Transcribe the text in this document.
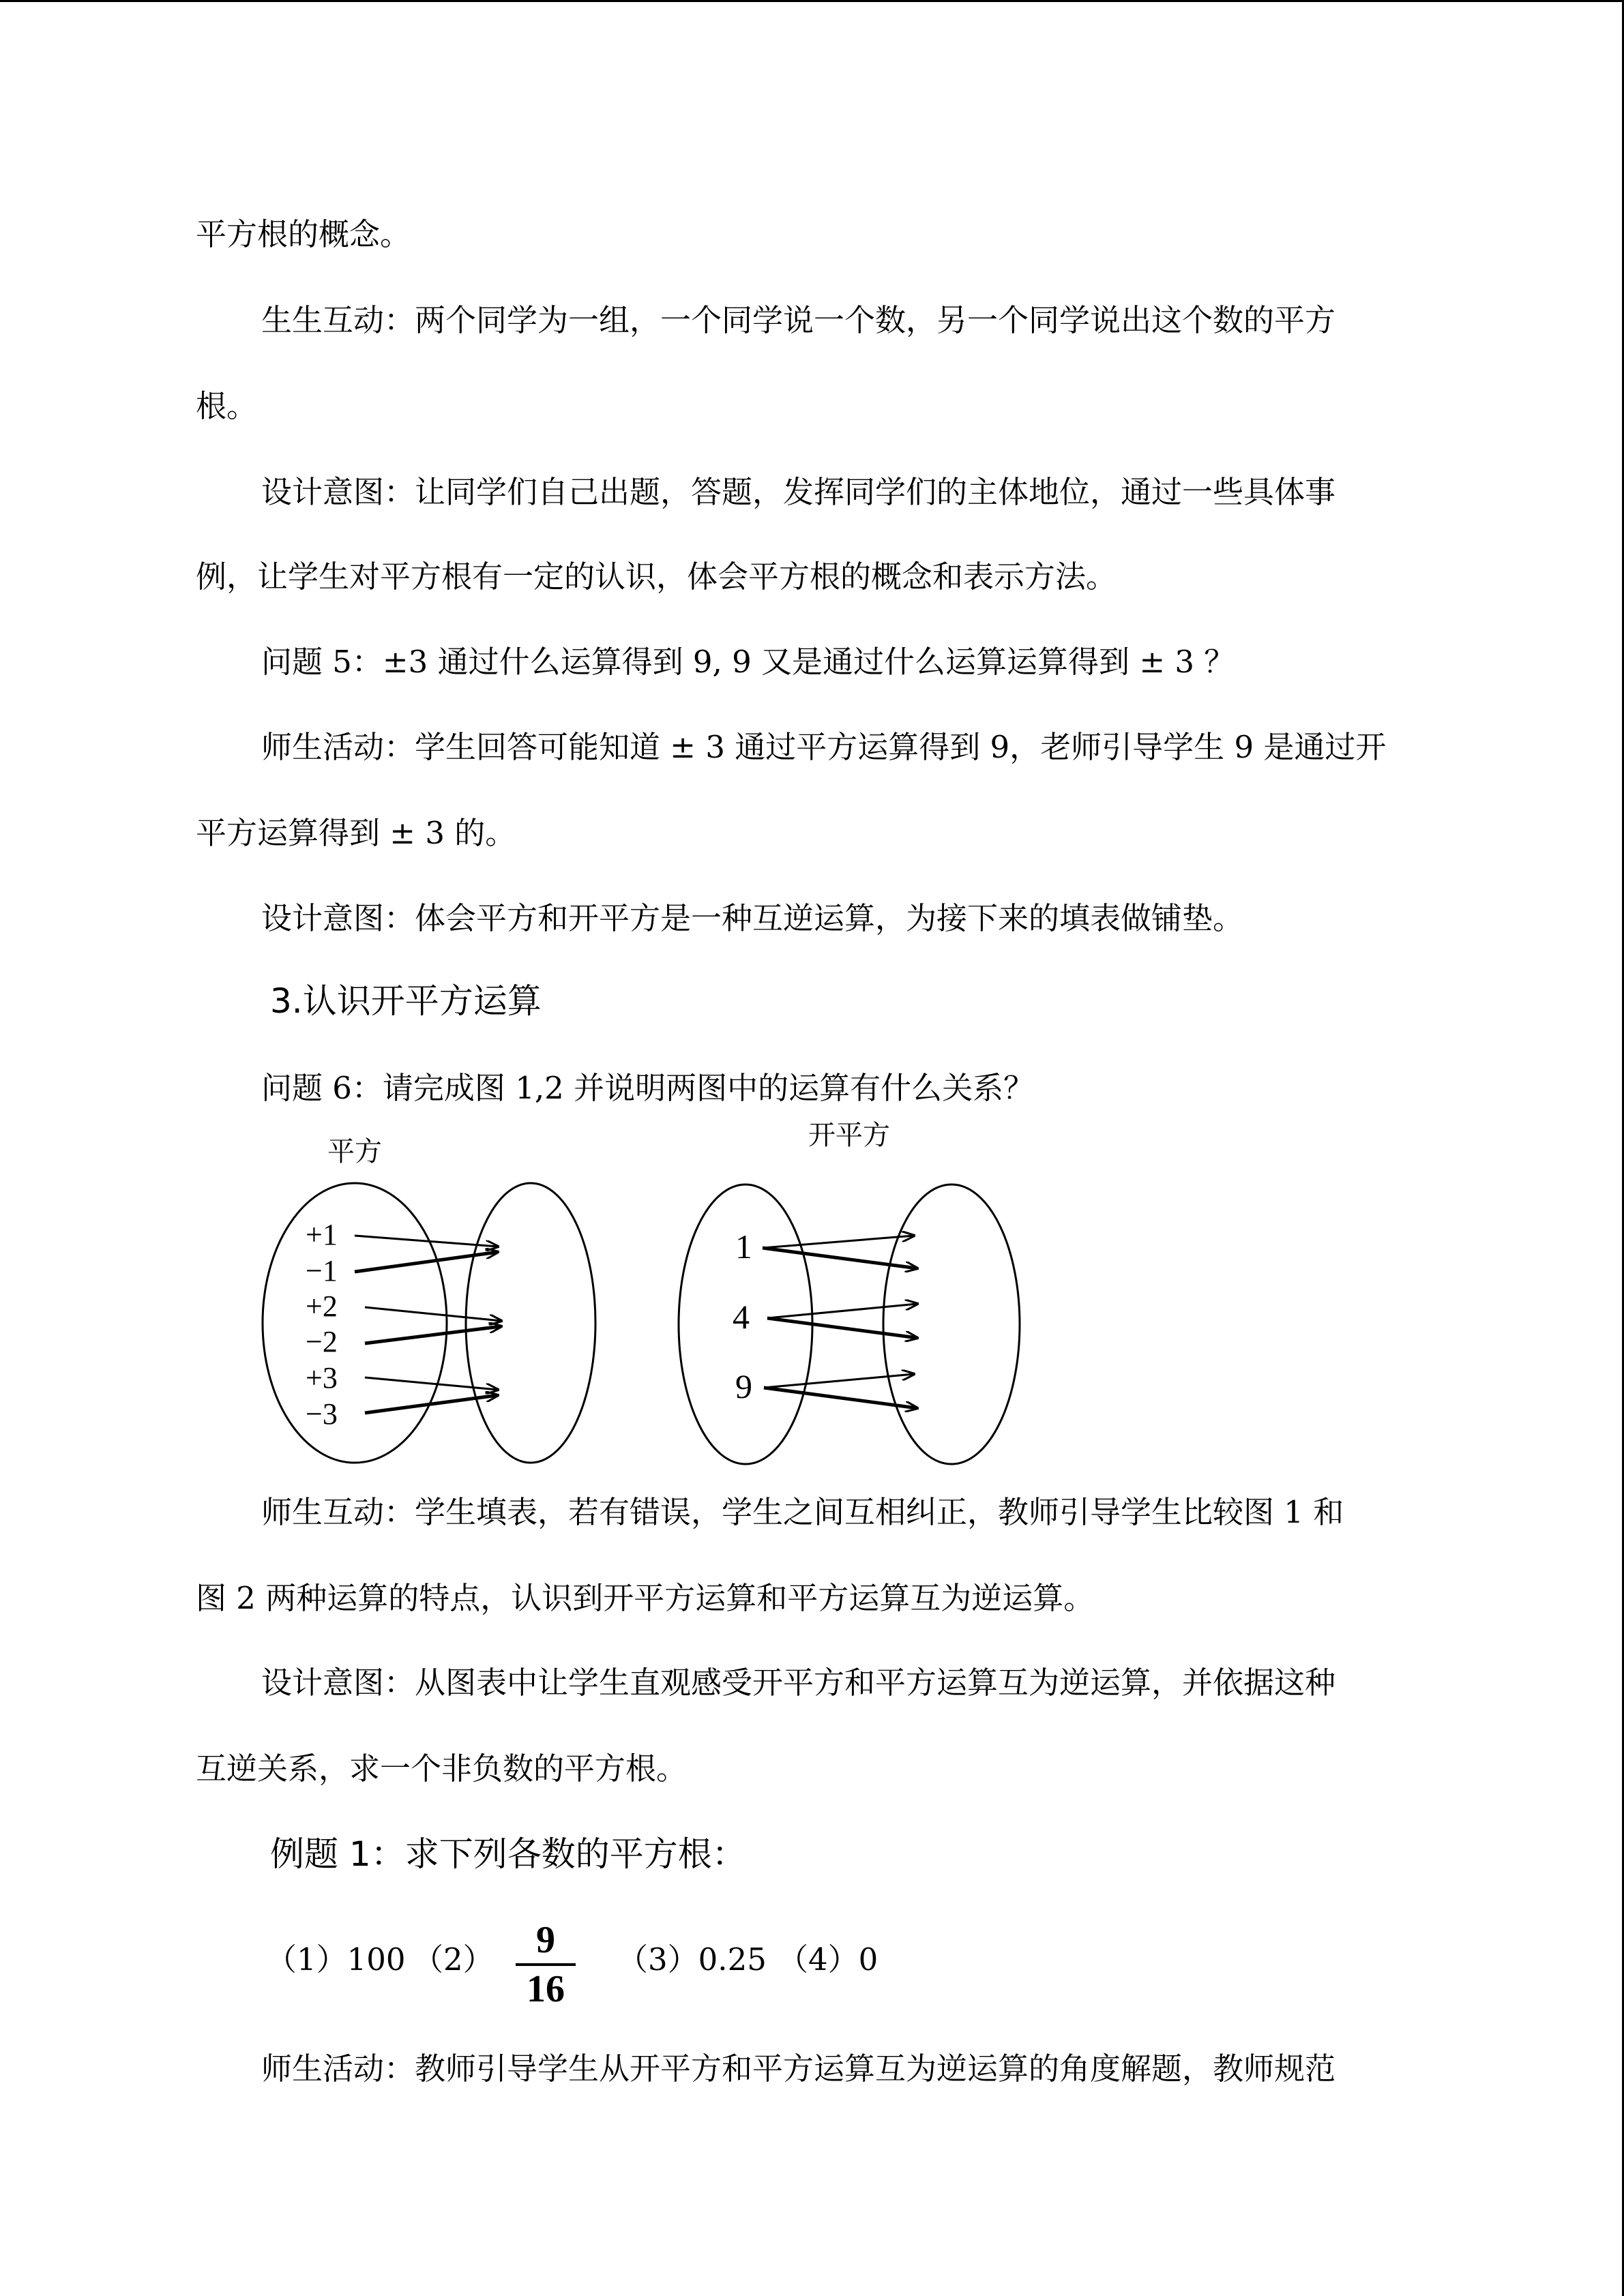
平方根的概念。
生生互动：两个同学为一组，一个同学说一个数，另一个同学说出这个数的平方
根。
设计意图：让同学们自己出题，答题，发挥同学们的主体地位，通过一些具体事
例，让学生对平方根有一定的认识，体会平方根的概念和表示方法。
问题 5：±3 通过什么运算得到 9, 9 又是通过什么运算运算得到 ± 3 ？
师生活动：学生回答可能知道 ± 3 通过平方运算得到 9，老师引导学生 9 是通过开
平方运算得到 ± 3 的。
设计意图：体会平方和开平方是一种互逆运算，为接下来的填表做铺垫。
3.认识开平方运算
问题 6：请完成图 1,2 并说明两图中的运算有什么关系？
平方
+1
−1
+2
−2
+3
−3
开平方
1
4
9
师生互动：学生填表，若有错误，学生之间互相纠正，教师引导学生比较图 1 和
图 2 两种运算的特点，认识到开平方运算和平方运算互为逆运算。
设计意图：从图表中让学生直观感受开平方和平方运算互为逆运算，并依据这种
互逆关系，求一个非负数的平方根。
例题 1：求下列各数的平方根：
（1）100 （2）	9
16
（3）0.25 （4）0
师生活动：教师引导学生从开平方和平方运算互为逆运算的角度解题，教师规范
